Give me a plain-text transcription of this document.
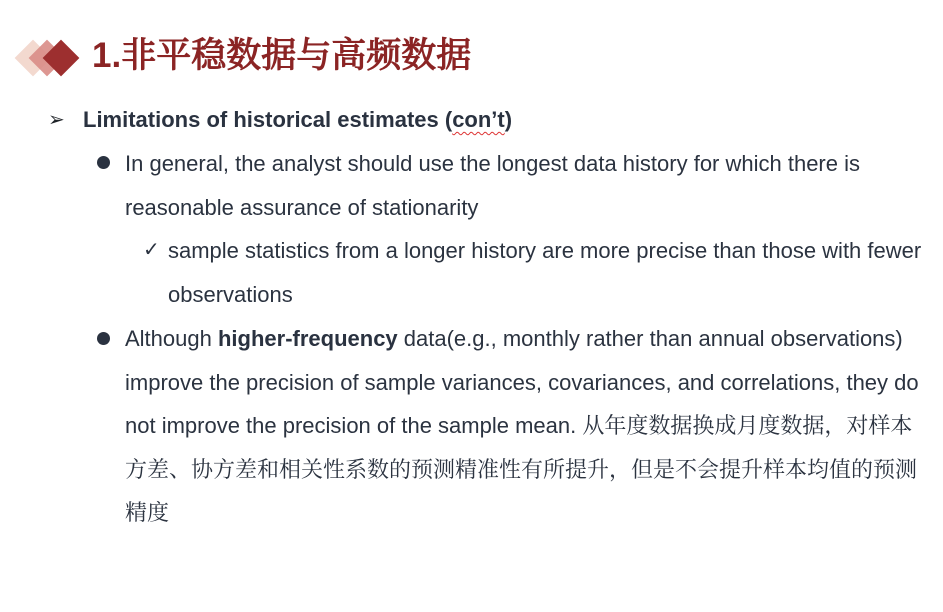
1.非平稳数据与高频数据
➢ Limitations of historical estimates (con’t)
In general, the analyst should use the longest data history for which there is reasonable assurance of stationarity
✓ sample statistics from a longer history are more precise than those with fewer observations
Although higher-frequency data(e.g., monthly rather than annual observations) improve the precision of sample variances, covariances, and correlations, they do not improve the precision of the sample mean. 从年度数据换成月度数据，对样本方差、协方差和相关性系数的预测精准性有所提升，但是不会提升样本均值的预测精度
